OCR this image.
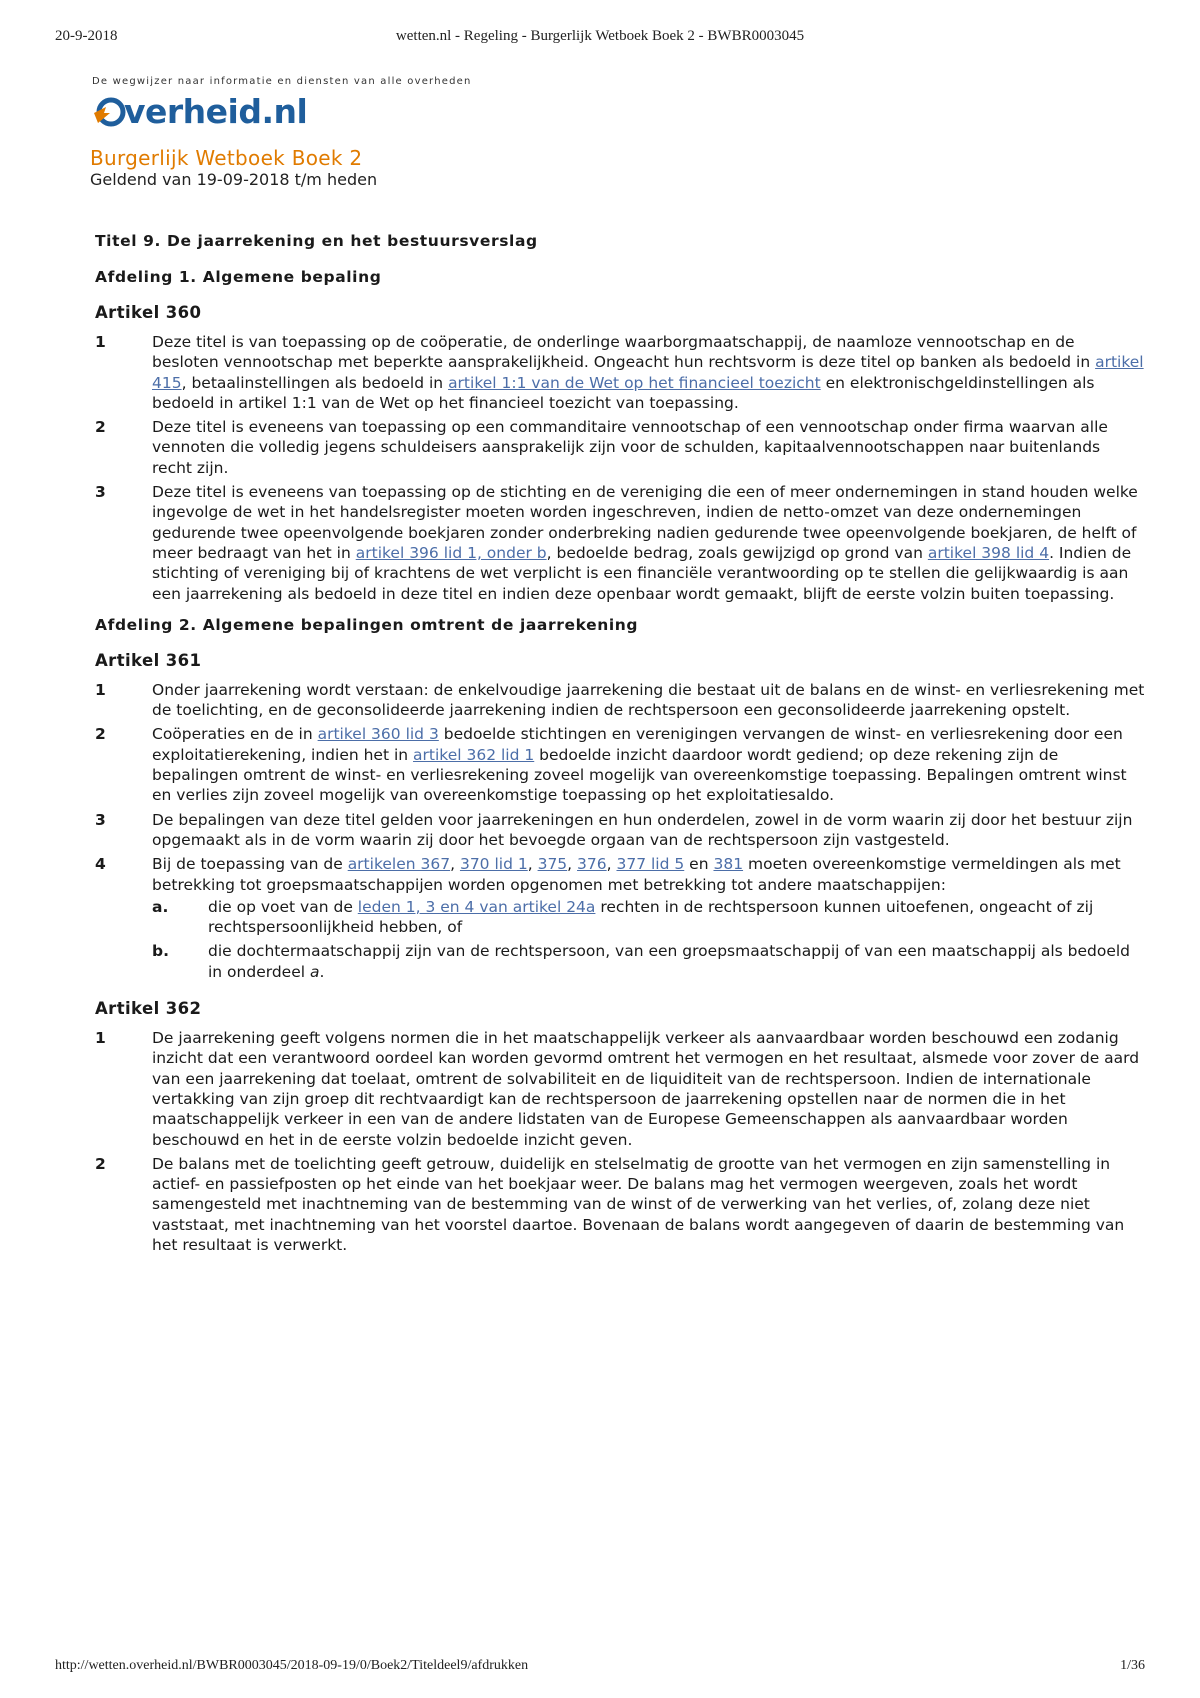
20-9-2018	wetten.nl - Regeling - Burgerlijk Wetboek Boek 2 - BWBR0003045
De wegwijzer naar informatie en diensten van alle overheden
verheid.nl
Burgerlijk Wetboek Boek 2

Geldend van 19-09-2018 t/m heden

Titel 9. De jaarrekening en het bestuursverslag
Afdeling 1. Algemene bepaling
Artikel 360
1	Deze titel is van toepassing op de coöperatie, de onderlinge waarborgmaatschappij, de naamloze vennootschap en de besloten vennootschap met beperkte aansprakelijkheid. Ongeacht hun rechtsvorm is deze titel op banken als bedoeld in artikel 415, betaalinstellingen als bedoeld in artikel 1:1 van de Wet op het financieel toezicht en elektronischgeldinstellingen als bedoeld in artikel 1:1 van de Wet op het financieel toezicht van toepassing.
2	Deze titel is eveneens van toepassing op een commanditaire vennootschap of een vennootschap onder firma waarvan alle vennoten die volledig jegens schuldeisers aansprakelijk zijn voor de schulden, kapitaalvennootschappen naar buitenlands recht zijn.
3	Deze titel is eveneens van toepassing op de stichting en de vereniging die een of meer ondernemingen in stand houden welke ingevolge de wet in het handelsregister moeten worden ingeschreven, indien de netto-omzet van deze ondernemingen gedurende twee opeenvolgende boekjaren zonder onderbreking nadien gedurende twee opeenvolgende boekjaren, de helft of meer bedraagt van het in artikel 396 lid 1, onder b, bedoelde bedrag, zoals gewijzigd op grond van artikel 398 lid 4. Indien de stichting of vereniging bij of krachtens de wet verplicht is een financiële verantwoording op te stellen die gelijkwaardig is aan een jaarrekening als bedoeld in deze titel en indien deze openbaar wordt gemaakt, blijft de eerste volzin buiten toepassing.
Afdeling 2. Algemene bepalingen omtrent de jaarrekening
Artikel 361
1	Onder jaarrekening wordt verstaan: de enkelvoudige jaarrekening die bestaat uit de balans en de winst- en verliesrekening met de toelichting, en de geconsolideerde jaarrekening indien de rechtspersoon een geconsolideerde jaarrekening opstelt.
2	Coöperaties en de in artikel 360 lid 3 bedoelde stichtingen en verenigingen vervangen de winst- en verliesrekening door een exploitatierekening, indien het in artikel 362 lid 1 bedoelde inzicht daardoor wordt gediend; op deze rekening zijn de bepalingen omtrent de winst- en verliesrekening zoveel mogelijk van overeenkomstige toepassing. Bepalingen omtrent winst en verlies zijn zoveel mogelijk van overeenkomstige toepassing op het exploitatiesaldo.
3	De bepalingen van deze titel gelden voor jaarrekeningen en hun onderdelen, zowel in de vorm waarin zij door het bestuur zijn opgemaakt als in de vorm waarin zij door het bevoegde orgaan van de rechtspersoon zijn vastgesteld.
4	Bij de toepassing van de artikelen 367, 370 lid 1, 375, 376, 377 lid 5 en 381 moeten overeenkomstige vermeldingen als met betrekking tot groepsmaatschappijen worden opgenomen met betrekking tot andere maatschappijen:
a.	die op voet van de leden 1, 3 en 4 van artikel 24a rechten in de rechtspersoon kunnen uitoefenen, ongeacht of zij rechtspersoonlijkheid hebben, of
b.	die dochtermaatschappij zijn van de rechtspersoon, van een groepsmaatschappij of van een maatschappij als bedoeld in onderdeel a.
Artikel 362
1	De jaarrekening geeft volgens normen die in het maatschappelijk verkeer als aanvaardbaar worden beschouwd een zodanig inzicht dat een verantwoord oordeel kan worden gevormd omtrent het vermogen en het resultaat, alsmede voor zover de aard van een jaarrekening dat toelaat, omtrent de solvabiliteit en de liquiditeit van de rechtspersoon. Indien de internationale vertakking van zijn groep dit rechtvaardigt kan de rechtspersoon de jaarrekening opstellen naar de normen die in het maatschappelijk verkeer in een van de andere lidstaten van de Europese Gemeenschappen als aanvaardbaar worden beschouwd en het in de eerste volzin bedoelde inzicht geven.
2	De balans met de toelichting geeft getrouw, duidelijk en stelselmatig de grootte van het vermogen en zijn samenstelling in actief- en passiefposten op het einde van het boekjaar weer. De balans mag het vermogen weergeven, zoals het wordt samengesteld met inachtneming van de bestemming van de winst of de verwerking van het verlies, of, zolang deze niet vaststaat, met inachtneming van het voorstel daartoe. Bovenaan de balans wordt aangegeven of daarin de bestemming van het resultaat is verwerkt.
http://wetten.overheid.nl/BWBR0003045/2018-09-19/0/Boek2/Titeldeel9/afdrukken	1/36
